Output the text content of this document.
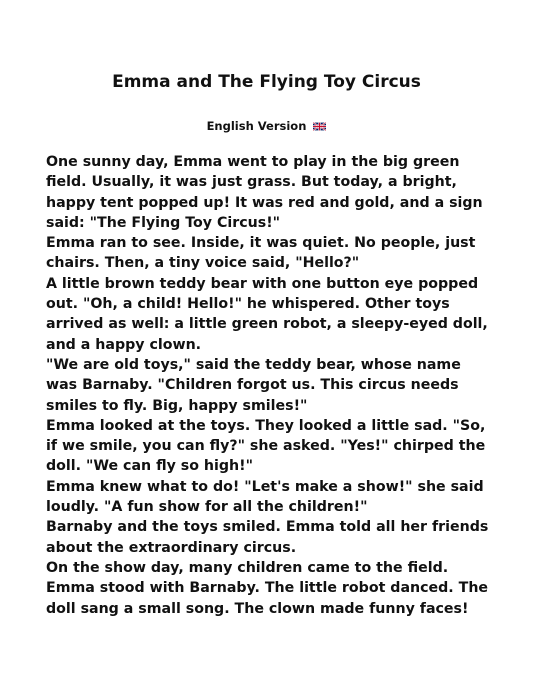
Emma and The Flying Toy Circus
English Version

One sunny day, Emma went to play in the big green field. Usually, it was just grass. But today, a bright, happy tent popped up! It was red and gold, and a sign said: "The Flying Toy Circus!"

Emma ran to see. Inside, it was quiet. No people, just chairs. Then, a tiny voice said, "Hello?"

A little brown teddy bear with one button eye popped out. "Oh, a child! Hello!" he whispered. Other toys arrived as well: a little green robot, a sleepy-eyed doll, and a happy clown.

"We are old toys," said the teddy bear, whose name was Barnaby. "Children forgot us. This circus needs smiles to fly. Big, happy smiles!"

Emma looked at the toys. They looked a little sad. "So, if we smile, you can fly?" she asked. "Yes!" chirped the doll. "We can fly so high!"

Emma knew what to do! "Let's make a show!" she said loudly. "A fun show for all the children!"

Barnaby and the toys smiled. Emma told all her friends about the extraordinary circus.

On the show day, many children came to the field. Emma stood with Barnaby. The little robot danced. The doll sang a small song. The clown made funny faces!
